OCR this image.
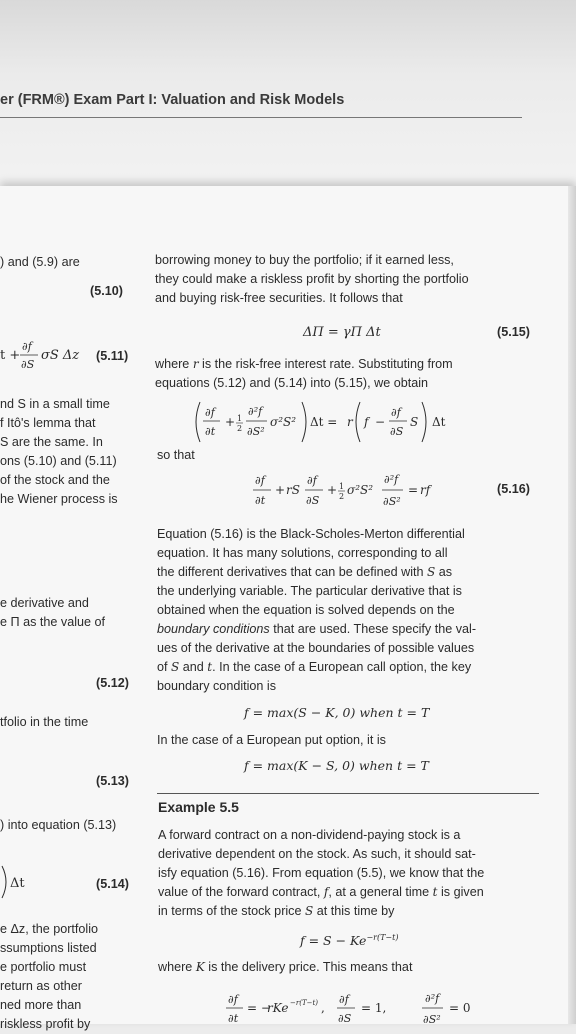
er (FRM®) Exam Part I: Valuation and Risk Models
) and (5.9) are
(5.10)
t +
∂f
∂S
σS Δz (5.11)
nd S in a small time
f Itô's lemma that
S are the same. In
ons (5.10) and (5.11)
of the stock and the
he Wiener process is
e derivative and
e Π as the value of
(5.12)
tfolio in the time
(5.13)
) into equation (5.13)
Δt	(5.14)
e Δz, the portfolio
ssumptions listed
e portfolio must
return as other
ned more than
riskless profit by
borrowing money to buy the portfolio; if it earned less,
they could make a riskless profit by shorting the portfolio
and buying risk-free securities. It follows that
ΔΠ = γΠ Δt	(5.15)
where r is the risk-free interest rate. Substituting from
equations (5.12) and (5.14) into (5.15), we obtain
∂f
∂t
+ 1
2
∂²f
∂S²
σ²S² Δt = r f −
∂f
∂S
S Δt
so that
∂f
∂t
+ rS
∂f
∂S
+ 1
2 σ²S²
∂²f
∂S²
= rf	(5.16)
Equation (5.16) is the Black-Scholes-Merton differential
equation. It has many solutions, corresponding to all
the different derivatives that can be defined with S as
the underlying variable. The particular derivative that is
obtained when the equation is solved depends on the
boundary conditions that are used. These specify the val-
ues of the derivative at the boundaries of possible values
of S and t. In the case of a European call option, the key
boundary condition is
f = max(S − K, 0) when t = T
In the case of a European put option, it is
f = max(K − S, 0) when t = T
Example 5.5
A forward contract on a non-dividend-paying stock is a
derivative dependent on the stock. As such, it should sat-
isfy equation (5.16). From equation (5.5), we know that the
value of the forward contract, f, at a general time t is given
in terms of the stock price S at this time by
$f = S - Ke^{-r(T-t)}$
where K is the delivery price. This means that
∂f
∂t
= −
rKe −r(T−t) ,
∂f
∂S
= 1,
∂²f
∂S²
= 0
